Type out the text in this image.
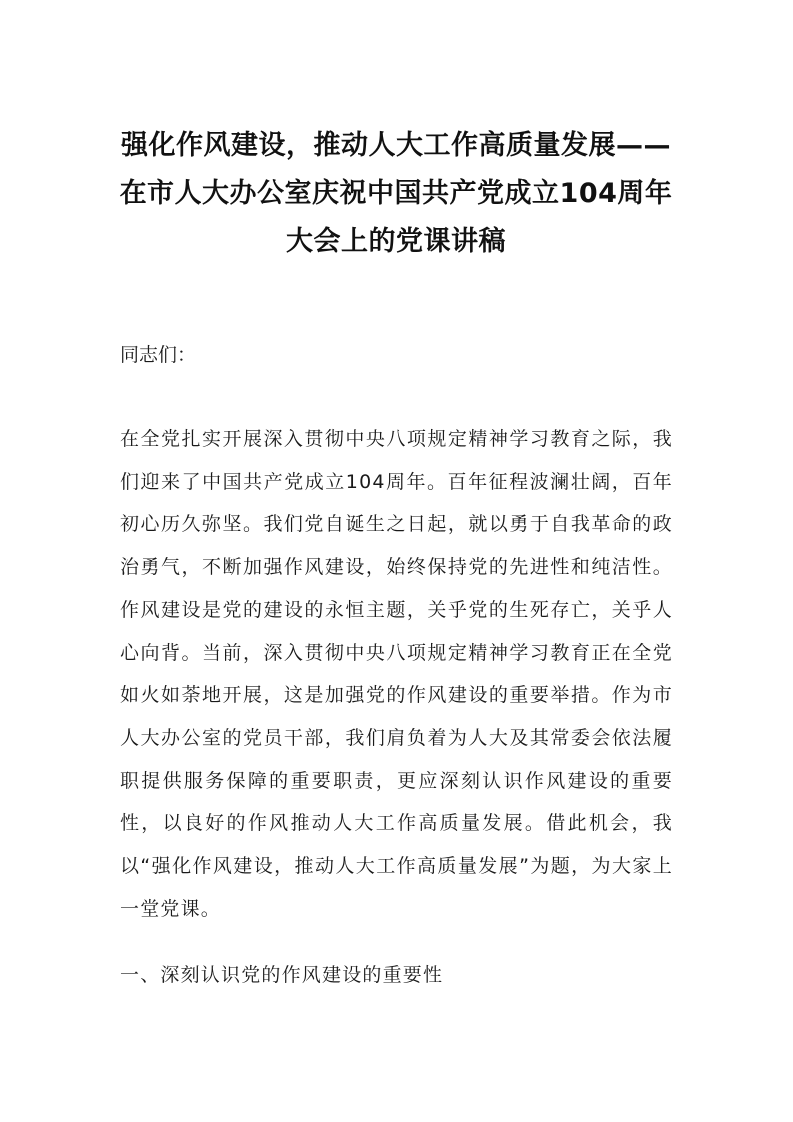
强化作风建设，推动人大工作高质量发展——在市人大办公室庆祝中国共产党成立104周年大会上的党课讲稿

同志们：

在全党扎实开展深入贯彻中央八项规定精神学习教育之际，我们迎来了中国共产党成立104周年。百年征程波澜壮阔，百年初心历久弥坚。我们党自诞生之日起，就以勇于自我革命的政治勇气，不断加强作风建设，始终保持党的先进性和纯洁性。作风建设是党的建设的永恒主题，关乎党的生死存亡，关乎人心向背。当前，深入贯彻中央八项规定精神学习教育正在全党如火如荼地开展，这是加强党的作风建设的重要举措。作为市人大办公室的党员干部，我们肩负着为人大及其常委会依法履职提供服务保障的重要职责，更应深刻认识作风建设的重要性，以良好的作风推动人大工作高质量发展。借此机会，我以“强化作风建设，推动人大工作高质量发展”为题，为大家上一堂党课。

一、深刻认识党的作风建设的重要性
